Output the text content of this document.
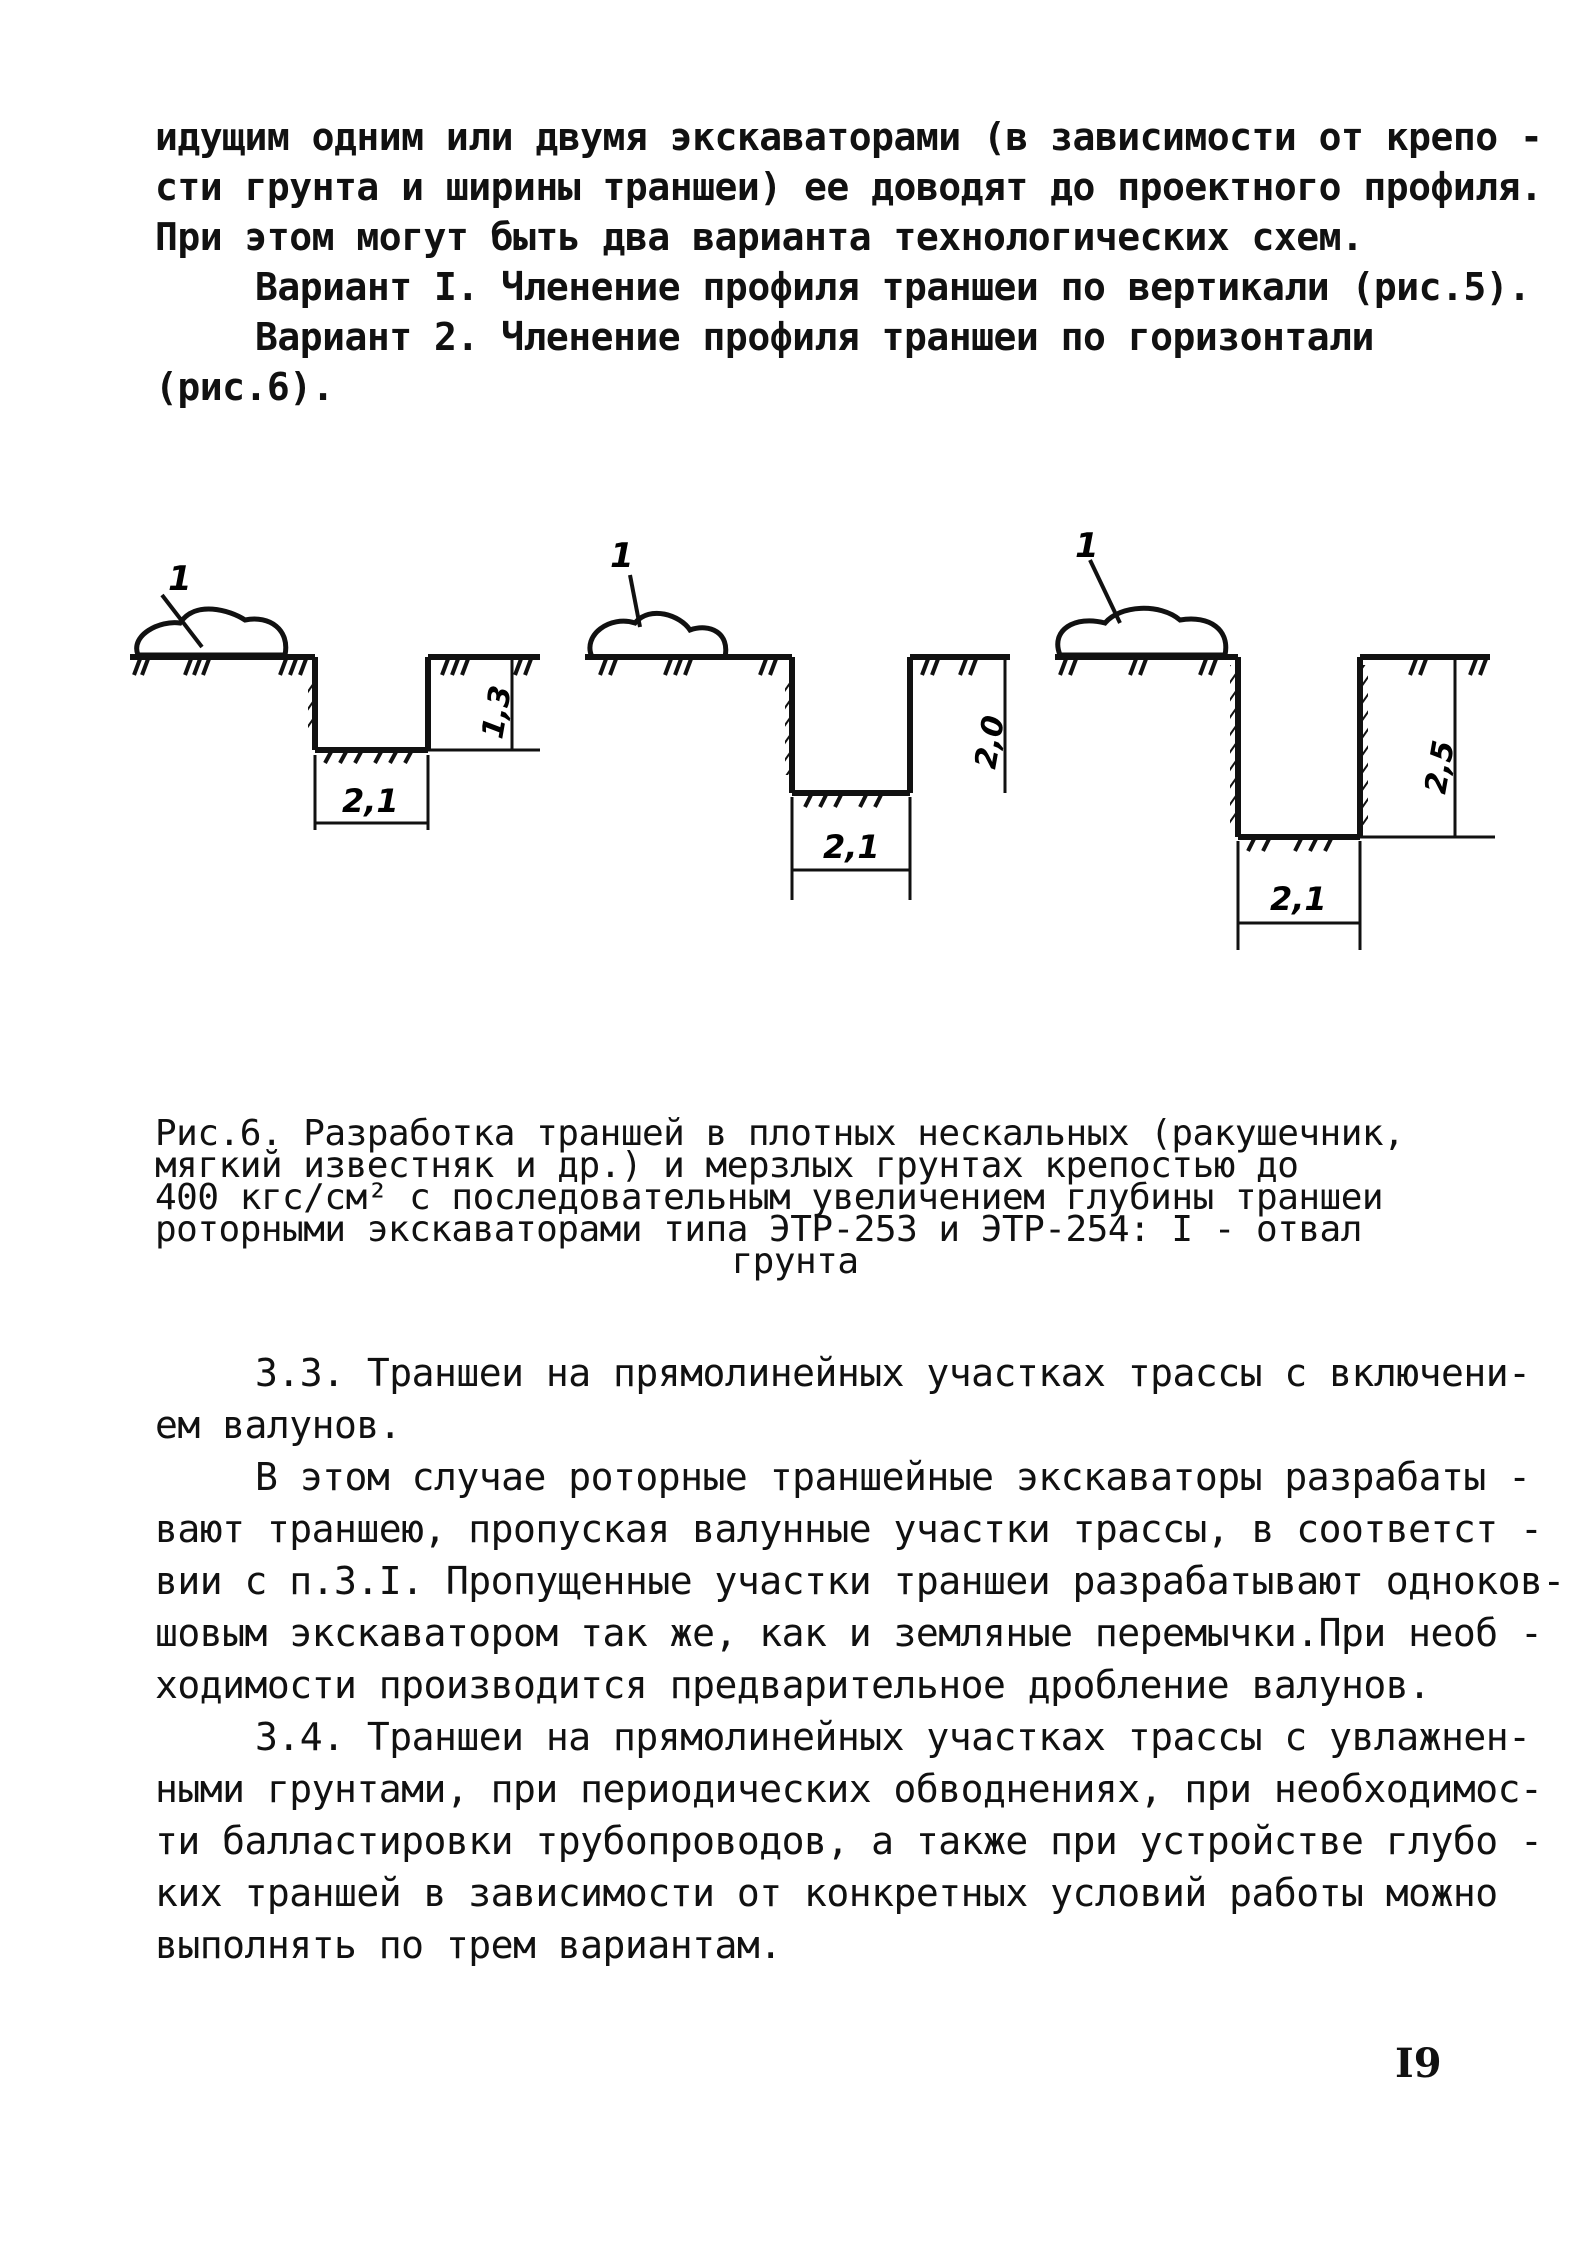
идущим одним или двумя экскаваторами (в зависимости от крепо -
сти грунта и ширины траншеи) ее доводят до проектного профиля.
При этом могут быть два варианта технологических схем.
Вариант I. Членение профиля траншеи по вертикали (рис.5).
Вариант 2. Членение профиля траншеи по горизонтали
(рис.6).
1
2,1
1,3
1
2,1
2,0
1
2,1
2,5
Рис.6. Разработка траншей в плотных нескальных (ракушечник,
мягкий известняк и др.) и мерзлых грунтах крепостью до
400 кгс/см² с последовательным увеличением глубины траншеи
роторными экскаваторами типа ЭТР-253 и ЭТР-254: I - отвал
грунта
3.3. Траншеи на прямолинейных участках трассы с включени-
ем валунов.
В этом случае роторные траншейные экскаваторы разрабаты -
вают траншею, пропуская валунные участки трассы, в соответст -
вии с п.3.I. Пропущенные участки траншеи разрабатывают одноков-
шовым экскаватором так же, как и земляные перемычки.При необ -
ходимости производится предварительное дробление валунов.
3.4. Траншеи на прямолинейных участках трассы с увлажнен-
ными грунтами, при периодических обводнениях, при необходимос-
ти балластировки трубопроводов, а также при устройстве глубо -
ких траншей в зависимости от конкретных условий работы можно
выполнять по трем вариантам.
I9
